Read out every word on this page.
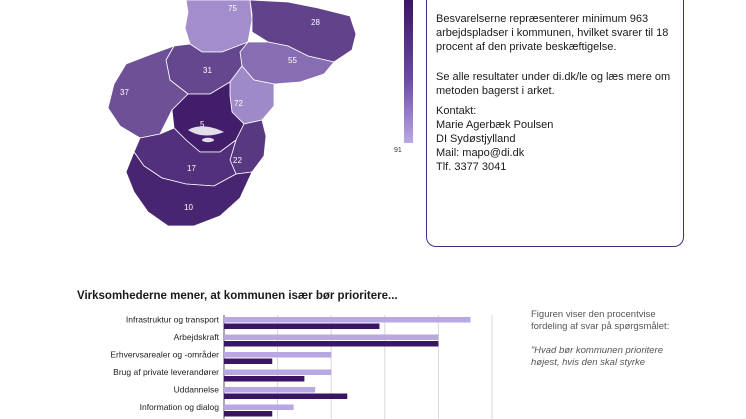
75
28
55
31
37
72
5
17
22
10
91

Besvarelserne repræsenterer minimum 963 arbejdspladser i kommunen, hvilket svarer til 18 procent af den private beskæftigelse.

Se alle resultater under di.dk/le og læs mere om metoden bagerst i arket.

Kontakt:

Marie Agerbæk Poulsen

DI Sydøstjylland

Mail: mapo@di.dk

Tlf. 3377 3041

Virksomhederne mener, at kommunen især bør prioritere...
Infrastruktur og transport
Arbejdskraft
Erhvervsarealer og -områder
Brug af private leverandører
Uddannelse
Information og dialog

Figuren viser den procentvise fordeling af svar på spørgsmålet:

”Hvad bør kommunen prioritere højest, hvis den skal styrke
